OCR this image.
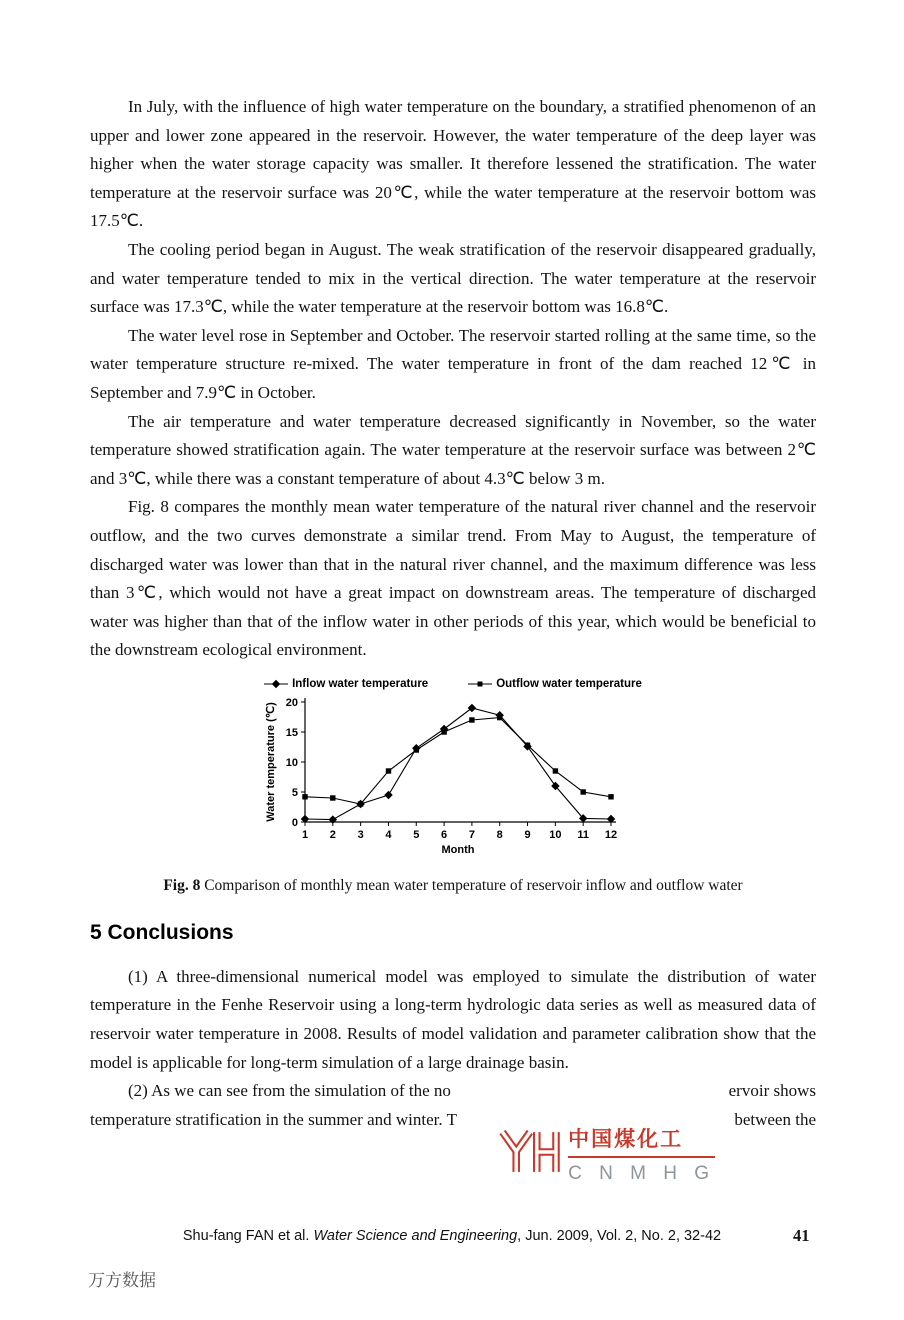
In July, with the influence of high water temperature on the boundary, a stratified phenomenon of an upper and lower zone appeared in the reservoir. However, the water temperature of the deep layer was higher when the water storage capacity was smaller. It therefore lessened the stratification. The water temperature at the reservoir surface was 20℃, while the water temperature at the reservoir bottom was 17.5℃.

The cooling period began in August. The weak stratification of the reservoir disappeared gradually, and water temperature tended to mix in the vertical direction. The water temperature at the reservoir surface was 17.3℃, while the water temperature at the reservoir bottom was 16.8℃.

The water level rose in September and October. The reservoir started rolling at the same time, so the water temperature structure re-mixed. The water temperature in front of the dam reached 12℃ in September and 7.9℃ in October.

The air temperature and water temperature decreased significantly in November, so the water temperature showed stratification again. The water temperature at the reservoir surface was between 2℃ and 3℃, while there was a constant temperature of about 4.3℃ below 3 m.

Fig. 8 compares the monthly mean water temperature of the natural river channel and the reservoir outflow, and the two curves demonstrate a similar trend. From May to August, the temperature of discharged water was lower than that in the natural river channel, and the maximum difference was less than 3℃, which would not have a great impact on downstream areas. The temperature of discharged water was higher than that of the inflow water in other periods of this year, which would be beneficial to the downstream ecological environment.

Inflow water temperature	Outflow water temperature
0
5
10
15
20
1 2 3 4 5 6 7 8 9 10 11 12
Month
Water temperature (℃)
Fig. 8 Comparison of monthly mean water temperature of reservoir inflow and outflow water
5 Conclusions

(1) A three-dimensional numerical model was employed to simulate the distribution of water temperature in the Fenhe Reservoir using a long-term hydrologic data series as well as measured data of reservoir water temperature in 2008. Results of model validation and parameter calibration show that the model is applicable for long-term simulation of a large drainage basin.

(2) As we can see from the simulation of the no	ervoir shows
temperature stratification in the summer and winter. T	between the
中国煤化工
C N M H G
Shu-fang FAN et al. Water Science and Engineering, Jun. 2009, Vol. 2, No. 2, 32-42	41
万方数据
